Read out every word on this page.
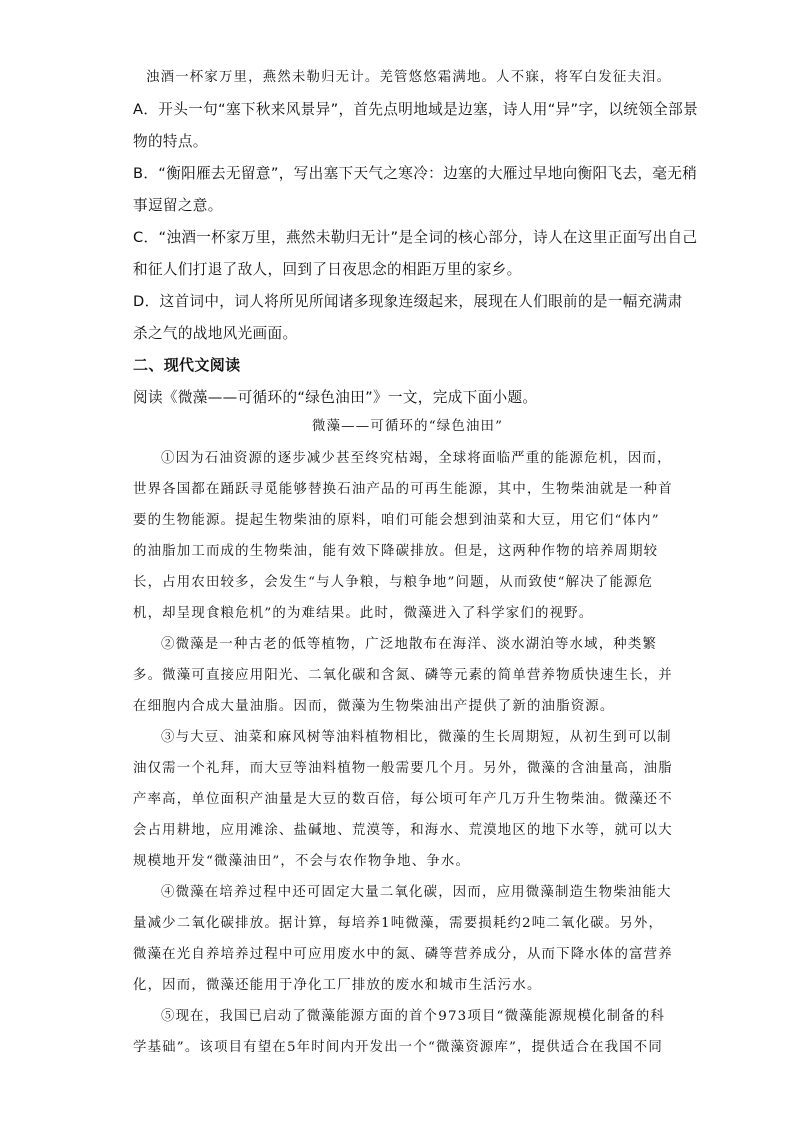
浊酒一杯家万里，燕然未勒归无计。羌管悠悠霜满地。人不寐，将军白发征夫泪。
A．开头一句“塞下秋来风景异”，首先点明地域是边塞，诗人用“异”字，以统领全部景
物的特点。
B．“衡阳雁去无留意”，写出塞下天气之寒冷：边塞的大雁过早地向衡阳飞去，毫无稍
事逗留之意。
C．“浊酒一杯家万里，燕然未勒归无计”是全词的核心部分，诗人在这里正面写出自己
和征人们打退了敌人，回到了日夜思念的相距万里的家乡。
D．这首词中，词人将所见所闻诸多现象连缀起来，展现在人们眼前的是一幅充满肃
杀之气的战地风光画面。
二、现代文阅读
阅读《微藻——可循环的“绿色油田”》一文，完成下面小题。
微藻——可循环的“绿色油田”
①因为石油资源的逐步减少甚至终究枯竭，全球将面临严重的能源危机，因而，
世界各国都在踊跃寻觅能够替换石油产品的可再生能源，其中，生物柴油就是一种首
要的生物能源。提起生物柴油的原料，咱们可能会想到油菜和大豆，用它们“体内”
的油脂加工而成的生物柴油，能有效下降碳排放。但是，这两种作物的培养周期较
长，占用农田较多，会发生“与人争粮，与粮争地”问题，从而致使“解决了能源危
机，却呈现食粮危机”的为难结果。此时，微藻进入了科学家们的视野。
②微藻是一种古老的低等植物，广泛地散布在海洋、淡水湖泊等水域，种类繁
多。微藻可直接应用阳光、二氧化碳和含氮、磷等元素的简单营养物质快速生长，并
在细胞内合成大量油脂。因而，微藻为生物柴油出产提供了新的油脂资源。
③与大豆、油菜和麻风树等油料植物相比，微藻的生长周期短，从初生到可以制
油仅需一个礼拜，而大豆等油料植物一般需要几个月。另外，微藻的含油量高，油脂
产率高，单位面积产油量是大豆的数百倍，每公顷可年产几万升生物柴油。微藻还不
会占用耕地，应用滩涂、盐碱地、荒漠等，和海水、荒漠地区的地下水等，就可以大
规模地开发“微藻油田”，不会与农作物争地、争水。
④微藻在培养过程中还可固定大量二氧化碳，因而，应用微藻制造生物柴油能大
量减少二氧化碳排放。据计算，每培养1吨微藻，需要损耗约2吨二氧化碳。另外，
微藻在光自养培养过程中可应用废水中的氮、磷等营养成分，从而下降水体的富营养
化，因而，微藻还能用于净化工厂排放的废水和城市生活污水。
⑤现在，我国已启动了微藻能源方面的首个973项目“微藻能源规模化制备的科
学基础”。该项目有望在5年时间内开发出一个“微藻资源库”，提供适合在我国不同
